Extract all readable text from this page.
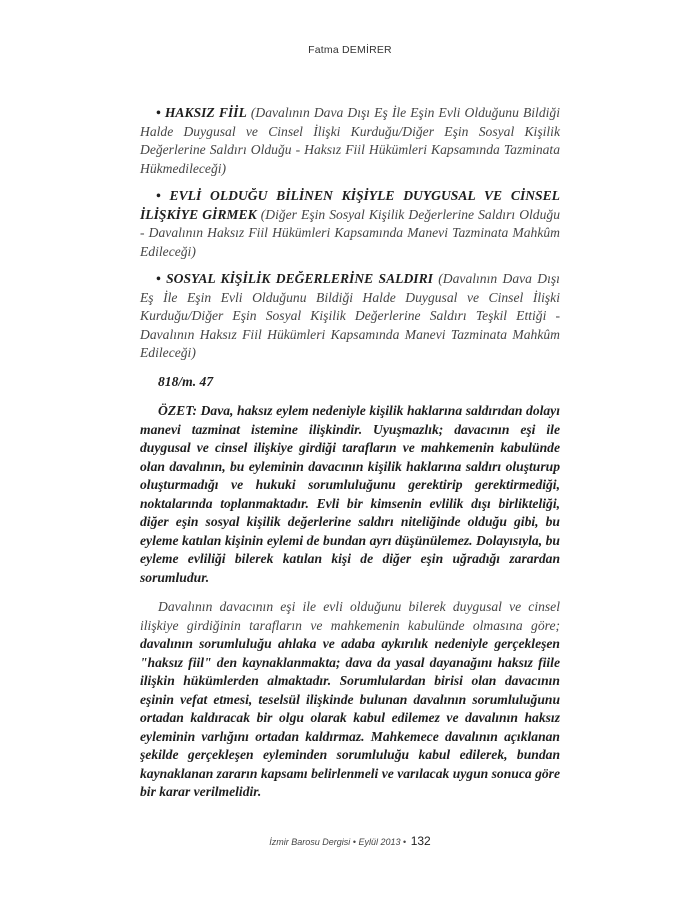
Fatma DEMİRER

• HAKSIZ FİİL (Davalının Dava Dışı Eş İle Eşin Evli Olduğunu Bildiği Halde Duygusal ve Cinsel İlişki Kurduğu/Diğer Eşin Sosyal Kişilik Değerlerine Saldırı Olduğu - Haksız Fiil Hükümleri Kapsamında Tazminata Hükmedileceği)

• EVLİ OLDUĞU BİLİNEN KİŞİYLE DUYGUSAL VE CİNSEL İLİŞKİYE GİRMEK (Diğer Eşin Sosyal Kişilik Değerlerine Saldırı Olduğu - Davalının Haksız Fiil Hükümleri Kapsamında Manevi Tazminata Mahkûm Edileceği)

• SOSYAL KİŞİLİK DEĞERLERİNE SALDIRI (Davalının Dava Dışı Eş İle Eşin Evli Olduğunu Bildiği Halde Duygusal ve Cinsel İlişki Kurduğu/Diğer Eşin Sosyal Kişilik Değerlerine Saldırı Teşkil Ettiği - Davalının Haksız Fiil Hükümleri Kapsamında Manevi Tazminata Mahkûm Edileceği)

818/m. 47

ÖZET: Dava, haksız eylem nedeniyle kişilik haklarına saldırıdan dolayı manevi tazminat istemine ilişkindir. Uyuşmazlık; davacının eşi ile duygusal ve cinsel ilişkiye girdiği tarafların ve mahkemenin kabulünde olan davalının, bu eyleminin davacının kişilik haklarına saldırı oluşturup oluşturmadığı ve hukuki sorumluluğunu gerektirip gerektirmediği, noktalarında toplanmaktadır. Evli bir kimsenin evlilik dışı birlikteliği, diğer eşin sosyal kişilik değerlerine saldırı niteliğinde olduğu gibi, bu eyleme katılan kişinin eylemi de bundan ayrı düşünülemez. Dolayısıyla, bu eyleme evliliği bilerek katılan kişi de diğer eşin uğradığı zarardan sorumludur.

Davalının davacının eşi ile evli olduğunu bilerek duygusal ve cinsel ilişkiye girdiğinin tarafların ve mahkemenin kabulünde olmasına göre; davalının sorumluluğu ahlaka ve adaba aykırılık nedeniyle gerçekleşen "haksız fiil" den kaynaklanmakta; dava da yasal dayanağını haksız fiile ilişkin hükümlerden almaktadır. Sorumlulardan birisi olan davacının eşinin vefat etmesi, teselsül ilişkinde bulunan davalının sorumluluğunu ortadan kaldıracak bir olgu olarak kabul edilemez ve davalının haksız eyleminin varlığını ortadan kaldırmaz. Mahkemece davalının açıklanan şekilde gerçekleşen eyleminden sorumluluğu kabul edilerek, bundan kaynaklanan zararın kapsamı belirlenmeli ve varılacak uygun sonuca göre bir karar verilmelidir.

İzmir Barosu Dergisi • Eylül 2013 • 132
